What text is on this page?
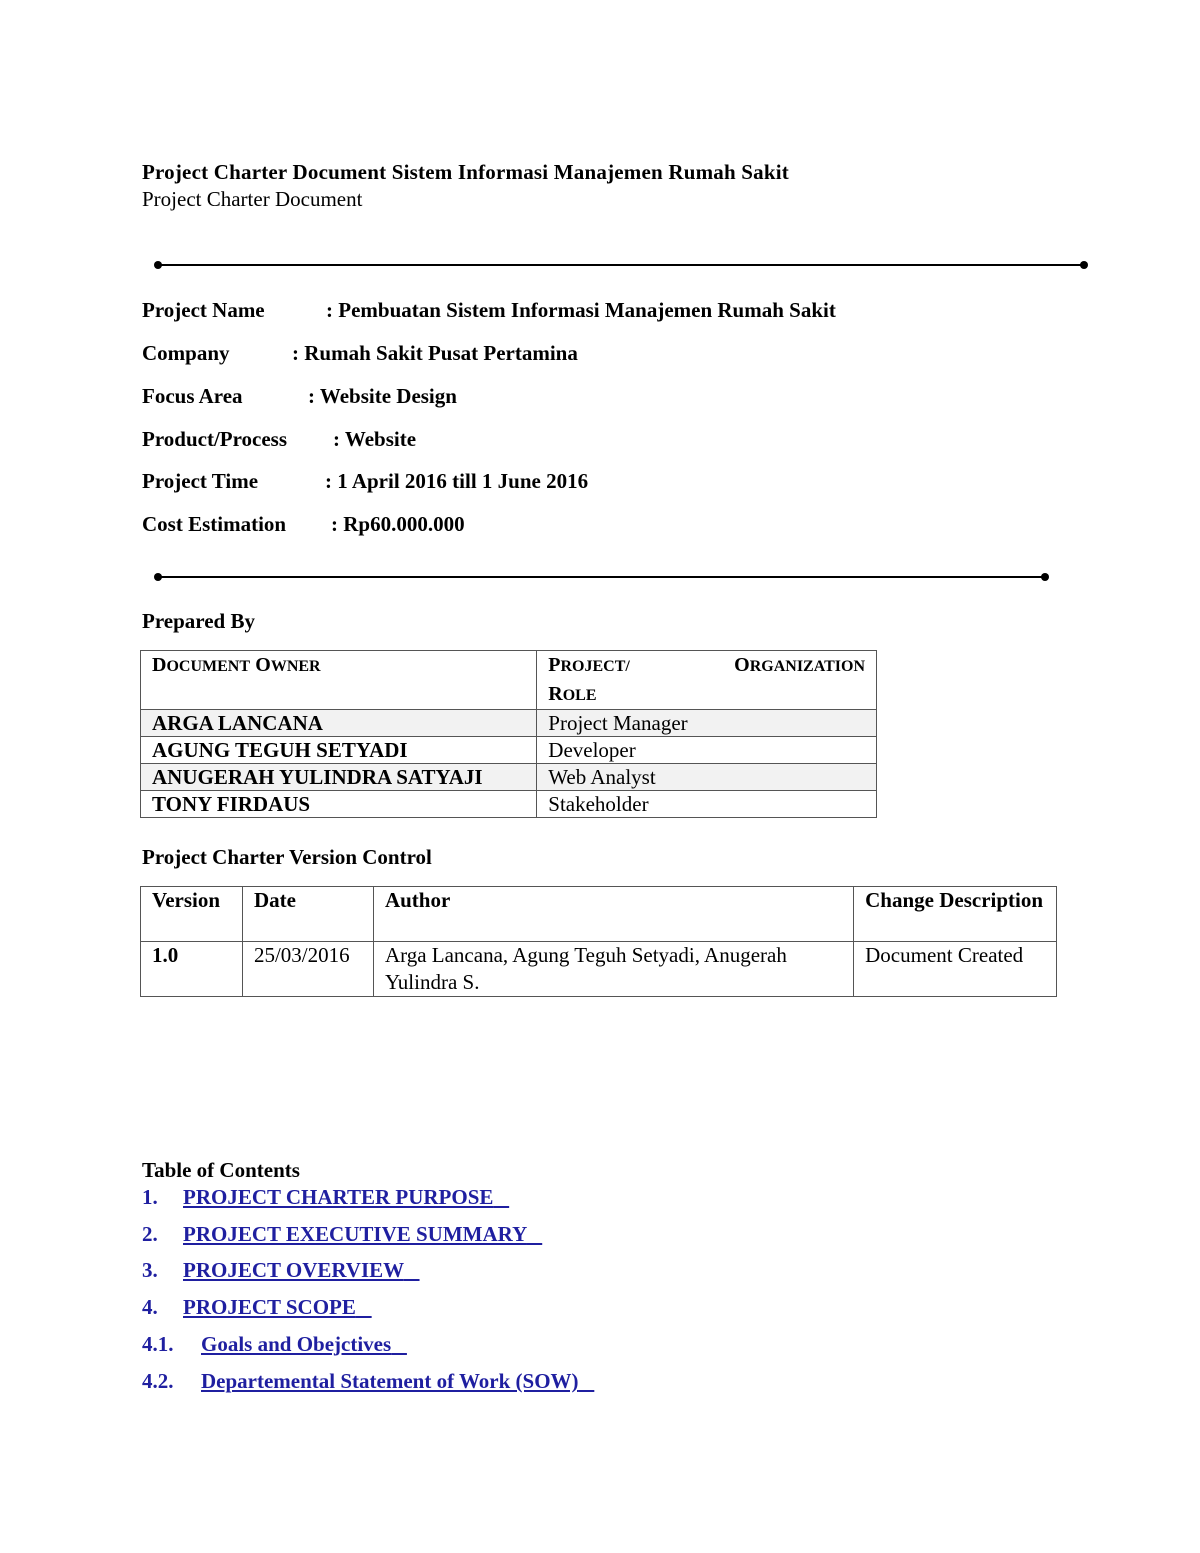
Project Charter Document Sistem Informasi Manajemen Rumah Sakit
Project Charter Document
Project Name	: Pembuatan Sistem Informasi Manajemen Rumah Sakit
Company	: Rumah Sakit Pusat Pertamina
Focus Area	: Website Design
Product/Process : Website
Project Time	: 1 April 2016 till 1 June 2016
Cost Estimation : Rp60.000.000
Prepared By
DOCUMENT OWNER	PROJECT/ ORGANIZATION
ROLE

ARGA LANCANA	Project Manager
AGUNG TEGUH SETYADI	Developer
ANUGERAH YULINDRA SATYAJI	Web Analyst
TONY FIRDAUS	Stakeholder
Project Charter Version Control
Version	Date	Author	Change Description
1.0	25/03/2016	Arga Lancana, Agung Teguh Setyadi, Anugerah Yulindra S.	Document Created
Table of Contents
1. PROJECT CHARTER PURPOSE
2. PROJECT EXECUTIVE SUMMARY
3. PROJECT OVERVIEW
4. PROJECT SCOPE
4.1. Goals and Obejctives
4.2. Departemental Statement of Work (SOW)
